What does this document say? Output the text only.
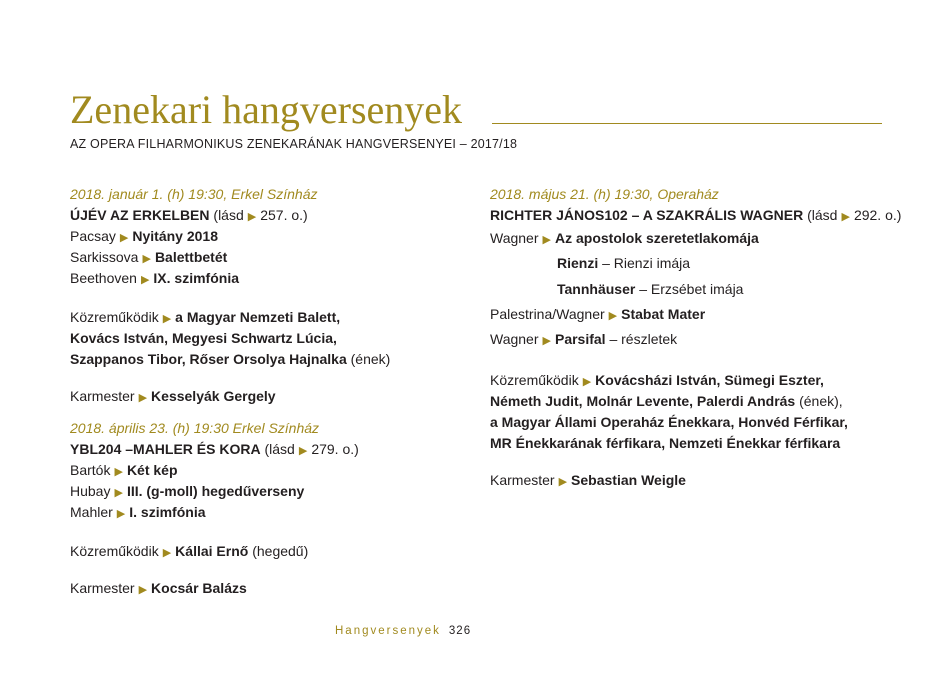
Zenekari hangversenyek
AZ OPERA FILHARMONIKUS ZENEKARÁNAK HANGVERSENYEI – 2017/18
2018. január 1. (h) 19:30, Erkel Színház
ÚJÉV AZ ERKELBEN (lásd ▶ 257. o.)
Pacsay ▶ Nyitány 2018
Sarkissova ▶ Balettbetét
Beethoven ▶ IX. szimfónia
Közreműködik ▶ a Magyar Nemzeti Balett,
Kovács István, Megyesi Schwartz Lúcia,
Szappanos Tibor, Rőser Orsolya Hajnalka (ének)
Karmester ▶ Kesselyák Gergely
2018. április 23. (h) 19:30 Erkel Színház
YBL204 –MAHLER ÉS KORA (lásd ▶ 279. o.)
Bartók ▶ Két kép
Hubay ▶ III. (g-moll) hegedűverseny
Mahler ▶ I. szimfónia
Közreműködik ▶ Kállai Ernő (hegedű)
Karmester ▶ Kocsár Balázs
2018. május 21. (h) 19:30, Operaház
RICHTER JÁNOS102 – A SZAKRÁLIS WAGNER (lásd ▶ 292. o.)
Wagner ▶ Az apostolok szeretetlakomája
Rienzi – Rienzi imája
Tannhäuser – Erzsébet imája
Palestrina/Wagner ▶ Stabat Mater
Wagner ▶ Parsifal – részletek
Közreműködik ▶ Kovácsházi István, Sümegi Eszter,
Németh Judit, Molnár Levente, Palerdi András (ének),
a Magyar Állami Operaház Énekkara, Honvéd Férfikar,
MR Énekkarának férfikara, Nemzeti Énekkar férfikara
Karmester ▶ Sebastian Weigle
Hangversenyek 326
